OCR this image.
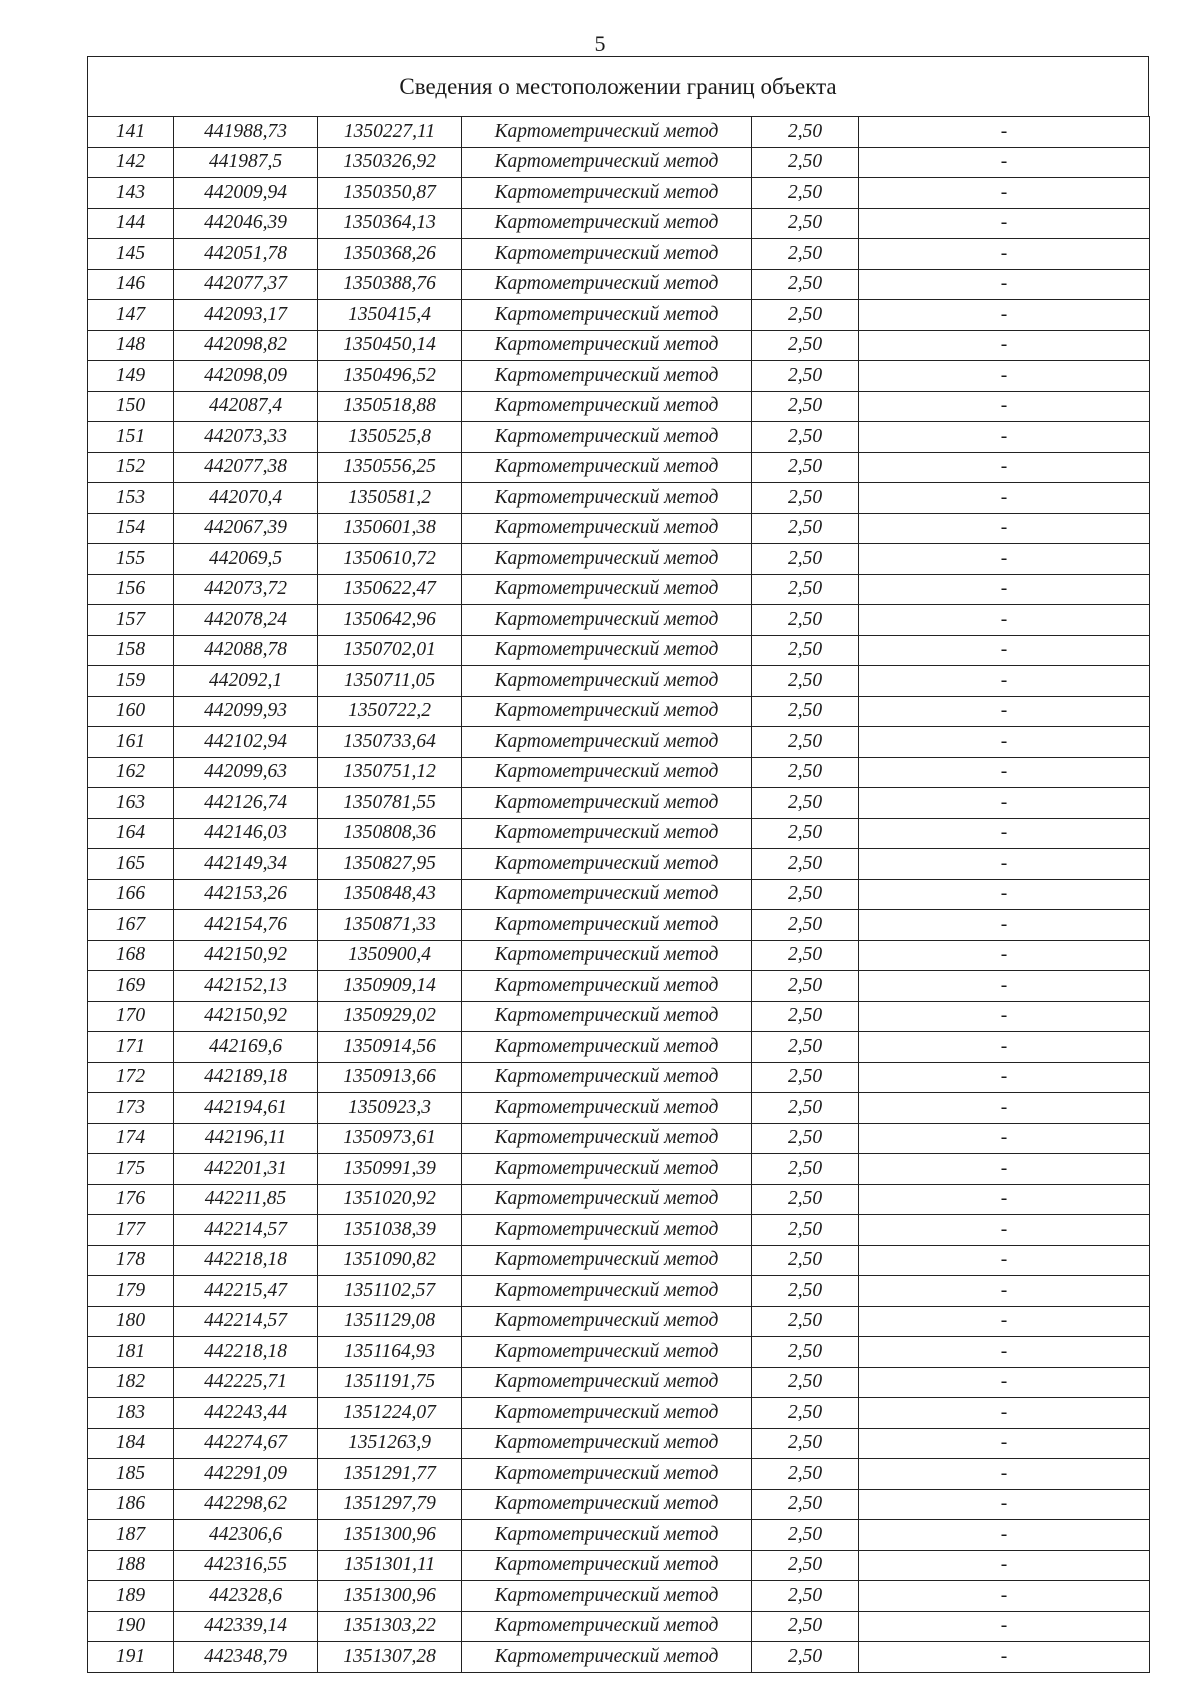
5
Сведения о местоположении границ объекта
141	441988,73	1350227,11	Картометрический метод	2,50	-
142	441987,5	1350326,92	Картометрический метод	2,50	-
143	442009,94	1350350,87	Картометрический метод	2,50	-
144	442046,39	1350364,13	Картометрический метод	2,50	-
145	442051,78	1350368,26	Картометрический метод	2,50	-
146	442077,37	1350388,76	Картометрический метод	2,50	-
147	442093,17	1350415,4	Картометрический метод	2,50	-
148	442098,82	1350450,14	Картометрический метод	2,50	-
149	442098,09	1350496,52	Картометрический метод	2,50	-
150	442087,4	1350518,88	Картометрический метод	2,50	-
151	442073,33	1350525,8	Картометрический метод	2,50	-
152	442077,38	1350556,25	Картометрический метод	2,50	-
153	442070,4	1350581,2	Картометрический метод	2,50	-
154	442067,39	1350601,38	Картометрический метод	2,50	-
155	442069,5	1350610,72	Картометрический метод	2,50	-
156	442073,72	1350622,47	Картометрический метод	2,50	-
157	442078,24	1350642,96	Картометрический метод	2,50	-
158	442088,78	1350702,01	Картометрический метод	2,50	-
159	442092,1	1350711,05	Картометрический метод	2,50	-
160	442099,93	1350722,2	Картометрический метод	2,50	-
161	442102,94	1350733,64	Картометрический метод	2,50	-
162	442099,63	1350751,12	Картометрический метод	2,50	-
163	442126,74	1350781,55	Картометрический метод	2,50	-
164	442146,03	1350808,36	Картометрический метод	2,50	-
165	442149,34	1350827,95	Картометрический метод	2,50	-
166	442153,26	1350848,43	Картометрический метод	2,50	-
167	442154,76	1350871,33	Картометрический метод	2,50	-
168	442150,92	1350900,4	Картометрический метод	2,50	-
169	442152,13	1350909,14	Картометрический метод	2,50	-
170	442150,92	1350929,02	Картометрический метод	2,50	-
171	442169,6	1350914,56	Картометрический метод	2,50	-
172	442189,18	1350913,66	Картометрический метод	2,50	-
173	442194,61	1350923,3	Картометрический метод	2,50	-
174	442196,11	1350973,61	Картометрический метод	2,50	-
175	442201,31	1350991,39	Картометрический метод	2,50	-
176	442211,85	1351020,92	Картометрический метод	2,50	-
177	442214,57	1351038,39	Картометрический метод	2,50	-
178	442218,18	1351090,82	Картометрический метод	2,50	-
179	442215,47	1351102,57	Картометрический метод	2,50	-
180	442214,57	1351129,08	Картометрический метод	2,50	-
181	442218,18	1351164,93	Картометрический метод	2,50	-
182	442225,71	1351191,75	Картометрический метод	2,50	-
183	442243,44	1351224,07	Картометрический метод	2,50	-
184	442274,67	1351263,9	Картометрический метод	2,50	-
185	442291,09	1351291,77	Картометрический метод	2,50	-
186	442298,62	1351297,79	Картометрический метод	2,50	-
187	442306,6	1351300,96	Картометрический метод	2,50	-
188	442316,55	1351301,11	Картометрический метод	2,50	-
189	442328,6	1351300,96	Картометрический метод	2,50	-
190	442339,14	1351303,22	Картометрический метод	2,50	-
191	442348,79	1351307,28	Картометрический метод	2,50	-
